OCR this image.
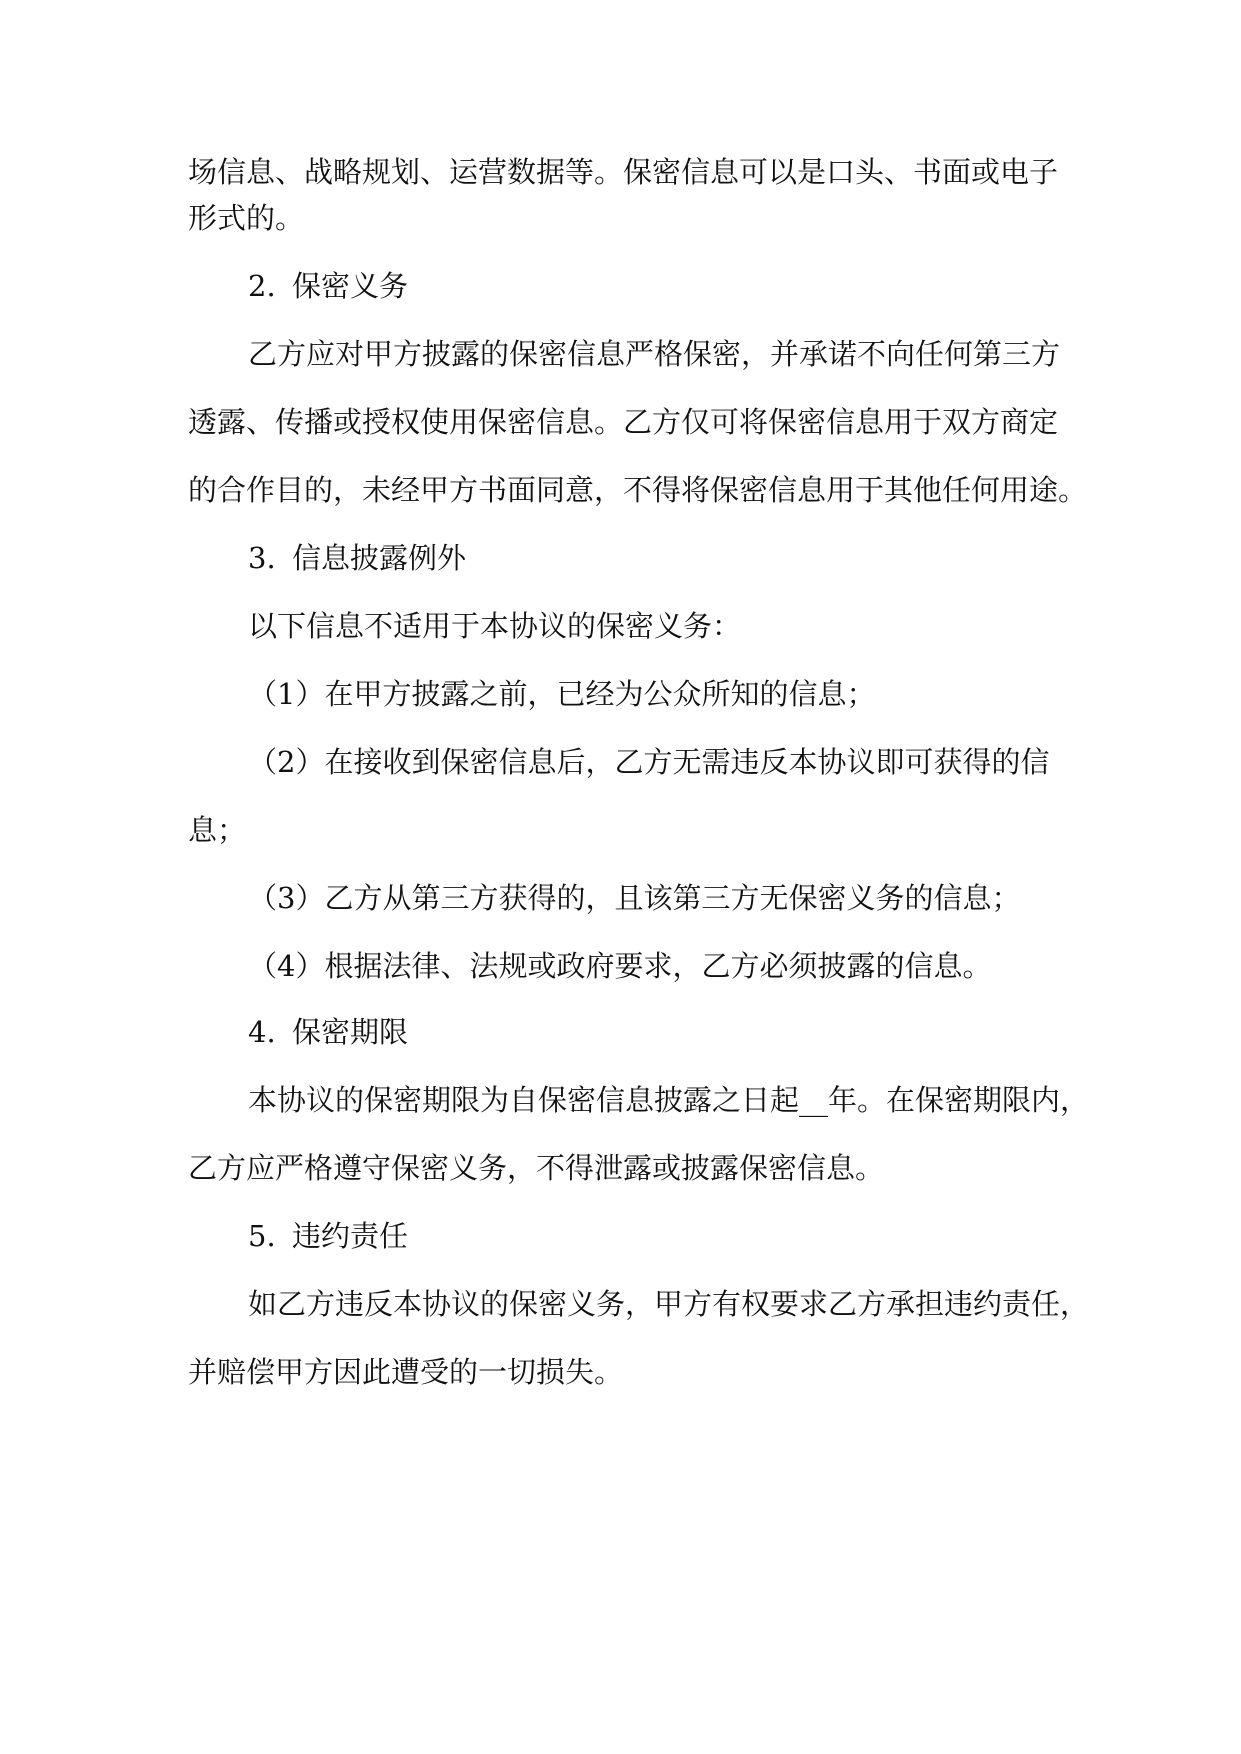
场信息、战略规划、运营数据等。保密信息可以是口头、书面或电子
形式的。
2. 保密义务
乙方应对甲方披露的保密信息严格保密，并承诺不向任何第三方
透露、传播或授权使用保密信息。乙方仅可将保密信息用于双方商定
的合作目的，未经甲方书面同意，不得将保密信息用于其他任何用途。
3. 信息披露例外
以下信息不适用于本协议的保密义务：
（1）在甲方披露之前，已经为公众所知的信息；
（2）在接收到保密信息后，乙方无需违反本协议即可获得的信
息；
（3）乙方从第三方获得的，且该第三方无保密义务的信息；
（4）根据法律、法规或政府要求，乙方必须披露的信息。
4. 保密期限
本协议的保密期限为自保密信息披露之日起__年。在保密期限内，
乙方应严格遵守保密义务，不得泄露或披露保密信息。
5. 违约责任
如乙方违反本协议的保密义务，甲方有权要求乙方承担违约责任，
并赔偿甲方因此遭受的一切损失。
